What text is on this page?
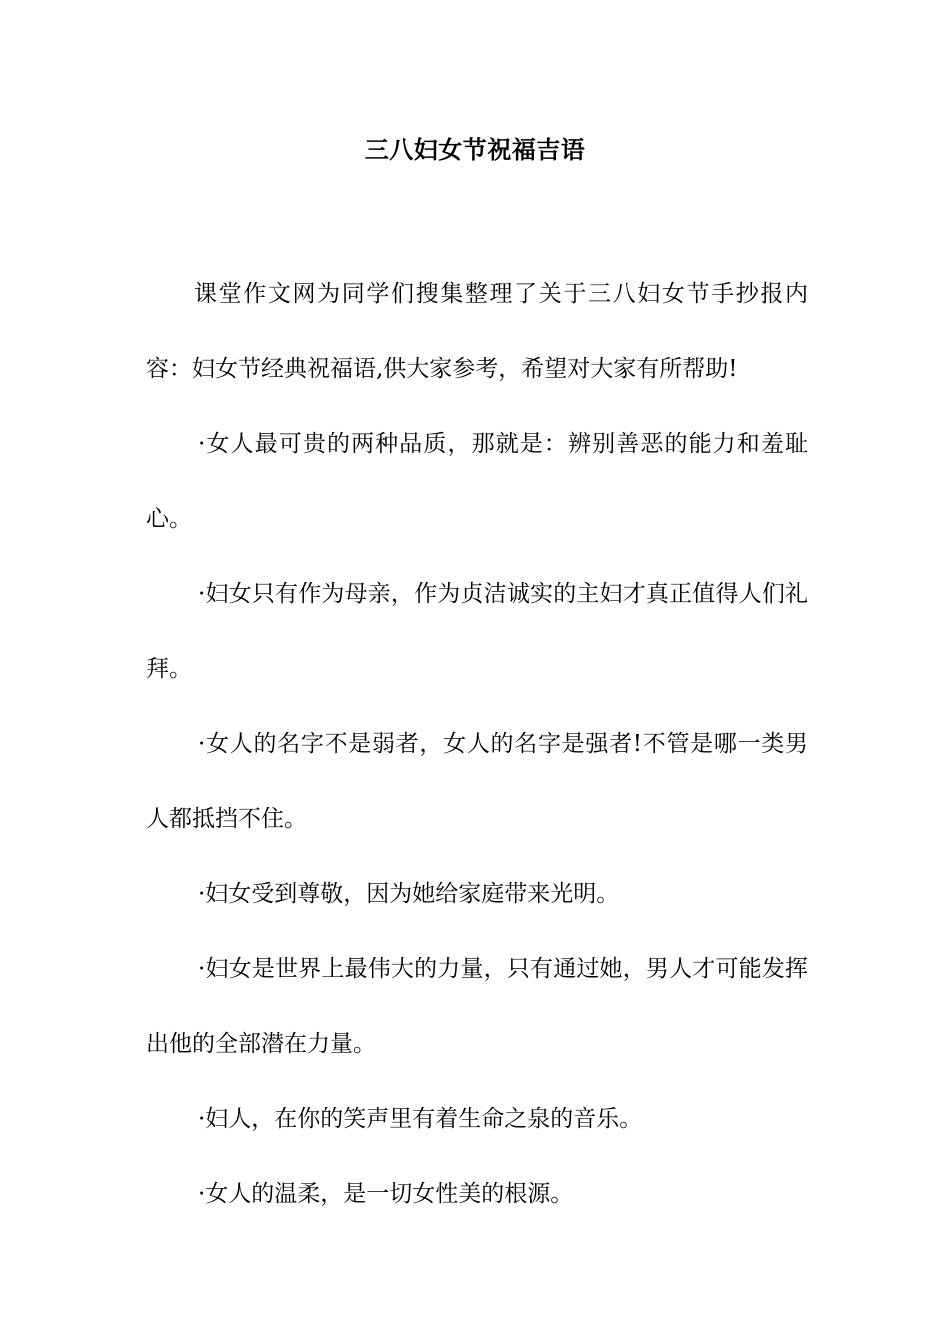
三八妇女节祝福吉语

课堂作文网为同学们搜集整理了关于三八妇女节手抄报内容：妇女节经典祝福语,供大家参考，希望对大家有所帮助!

·女人最可贵的两种品质，那就是：辨别善恶的能力和羞耻心。

·妇女只有作为母亲，作为贞洁诚实的主妇才真正值得人们礼拜。

·女人的名字不是弱者，女人的名字是强者!不管是哪一类男人都抵挡不住。

·妇女受到尊敬，因为她给家庭带来光明。

·妇女是世界上最伟大的力量，只有通过她，男人才可能发挥出他的全部潜在力量。

·妇人，在你的笑声里有着生命之泉的音乐。

·女人的温柔，是一切女性美的根源。
